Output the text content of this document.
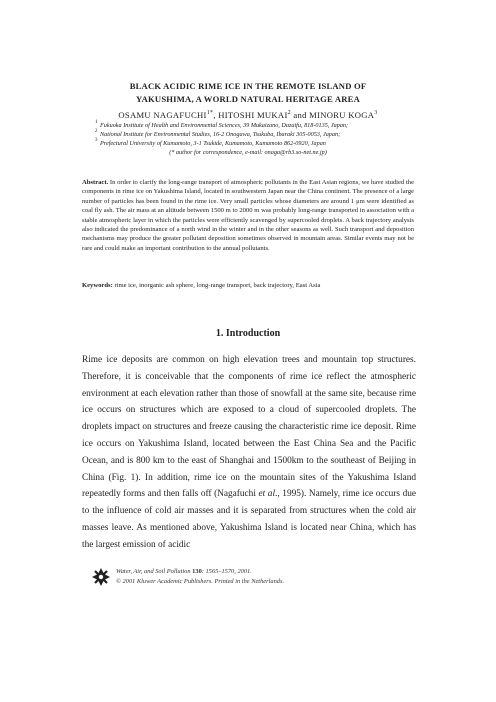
BLACK ACIDIC RIME ICE IN THE REMOTE ISLAND OF
YAKUSHIMA, A WORLD NATURAL HERITAGE AREA
OSAMU $NAGAFUCHI^{1*}$, HITOSHI MUKAI$^2$ and MINORU KOGA$^3$
1 Fukuoka Institute of Health and Environmental Sciences, 39 Mukaizano, Dazaifu, 818-0135, Japan;
2 National Institute for Environmental Studies, 16-2 Onogawa, Tsukuba, Ibaraki 305-0053, Japan;
3 Prefectural University of Kumamoto, 3-1 Tsukide, Kumamoto, Kumamoto 862-0920, Japan
(* author for correspondence, e-mail: onaga@rb3.so-net.ne.jp)
Abstract. In order to clarify the long-range transport of atmospheric pollutants in the East Asian regions, we have studied the components in rime ice on Yakushima Island, located in southwestern Japan near the China continent. The presence of a large number of particles has been found in the rime ice. Very small particles whose diameters are around 1 μm were identified as coal fly ash. The air mass at an altitude between 1500 m to 2000 m was probably long-range transported in association with a stable atmospheric layer in which the particles were efficiently scavenged by supercooled droplets. A back trajectory analysis also indicated the predominance of a north wind in the winter and in the other seasons as well. Such transport and deposition mechanisms may produce the greater pollutant deposition sometimes observed in mountain areas. Similar events may not be rare and could make an important contribution to the annual pollutants.
Keywords: rime ice, inorganic ash sphere, long-range transport, back trajectory, East Asia
1. Introduction
Rime ice deposits are common on high elevation trees and mountain top structures. Therefore, it is conceivable that the components of rime ice reflect the atmospheric environment at each elevation rather than those of snowfall at the same site, because rime ice occurs on structures which are exposed to a cloud of supercooled droplets. The droplets impact on structures and freeze causing the characteristic rime ice deposit. Rime ice occurs on Yakushima Island, located between the East China Sea and the Pacific Ocean, and is 800 km to the east of Shanghai and 1500km to the southeast of Beijing in China (Fig. 1). In addition, rime ice on the mountain sites of the Yakushima Island repeatedly forms and then falls off (Nagafuchi et al., 1995). Namely, rime ice occurs due to the influence of cold air masses and it is separated from structures when the cold air masses leave. As mentioned above, Yakushima Island is located near China, which has the largest emission of acidic
Water, Air, and Soil Pollution 130: 1565–1570, 2001.
© 2001 Kluwer Academic Publishers. Printed in the Netherlands.
